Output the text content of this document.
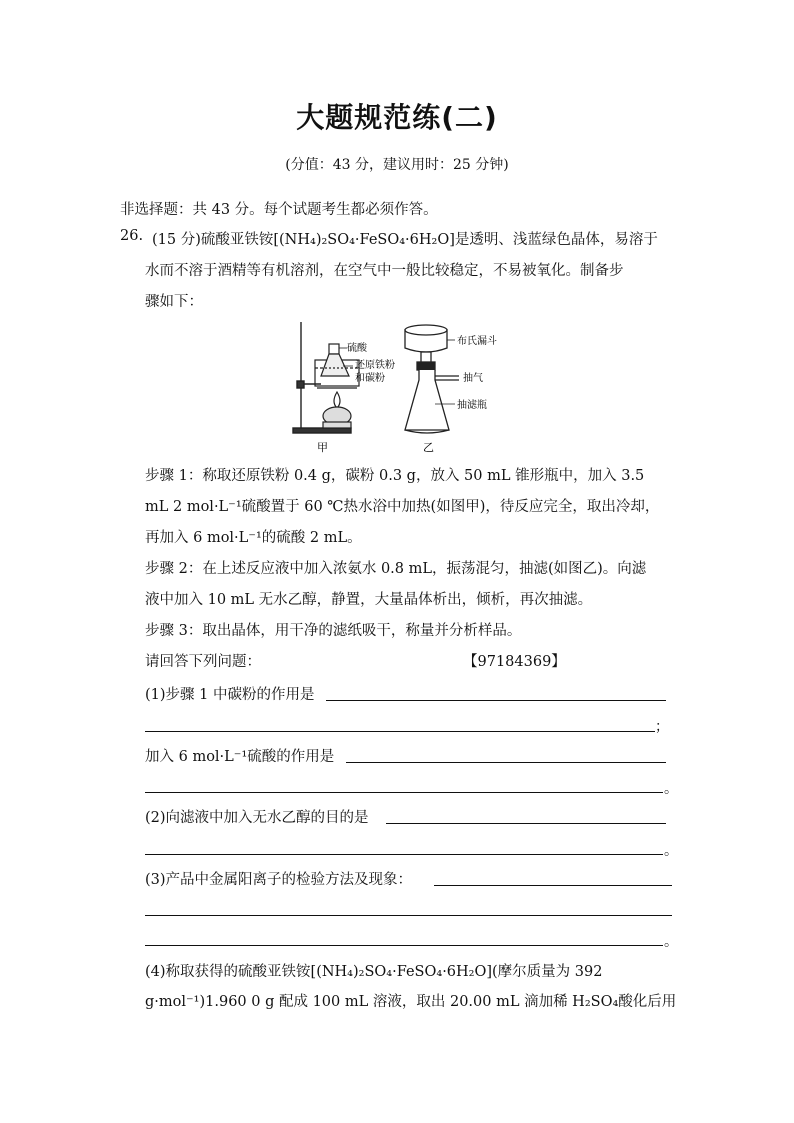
大题规范练(二)
(分值：43 分，建议用时：25 分钟)
非选择题：共 43 分。每个试题考生都必须作答。
26. (15 分)硫酸亚铁铵[(NH₄)₂SO₄·FeSO₄·6H₂O]是透明、浅蓝绿色晶体，易溶于
水而不溶于酒精等有机溶剂，在空气中一般比较稳定，不易被氧化。制备步
骤如下：
硫酸
还原铁粉
和碳粉
甲
布氏漏斗
抽气
抽滤瓶
乙
步骤 1：称取还原铁粉 0.4 g，碳粉 0.3 g，放入 50 mL 锥形瓶中，加入 3.5
mL 2 mol·L⁻¹硫酸置于 60 ℃热水浴中加热(如图甲)，待反应完全，取出冷却，
再加入 6 mol·L⁻¹的硫酸 2 mL。
步骤 2：在上述反应液中加入浓氨水 0.8 mL，振荡混匀，抽滤(如图乙)。向滤
液中加入 10 mL 无水乙醇，静置，大量晶体析出，倾析，再次抽滤。
步骤 3：取出晶体，用干净的滤纸吸干，称量并分析样品。
请回答下列问题：	【97184369】
(1)步骤 1 中碳粉的作用是
；
加入 6 mol·L⁻¹硫酸的作用是
。
(2)向滤液中加入无水乙醇的目的是
。
(3)产品中金属阳离子的检验方法及现象：
。
(4)称取获得的硫酸亚铁铵[(NH₄)₂SO₄·FeSO₄·6H₂O](摩尔质量为 392
g·mol⁻¹)1.960 0 g 配成 100 mL 溶液，取出 20.00 mL 滴加稀 H₂SO₄酸化后用
